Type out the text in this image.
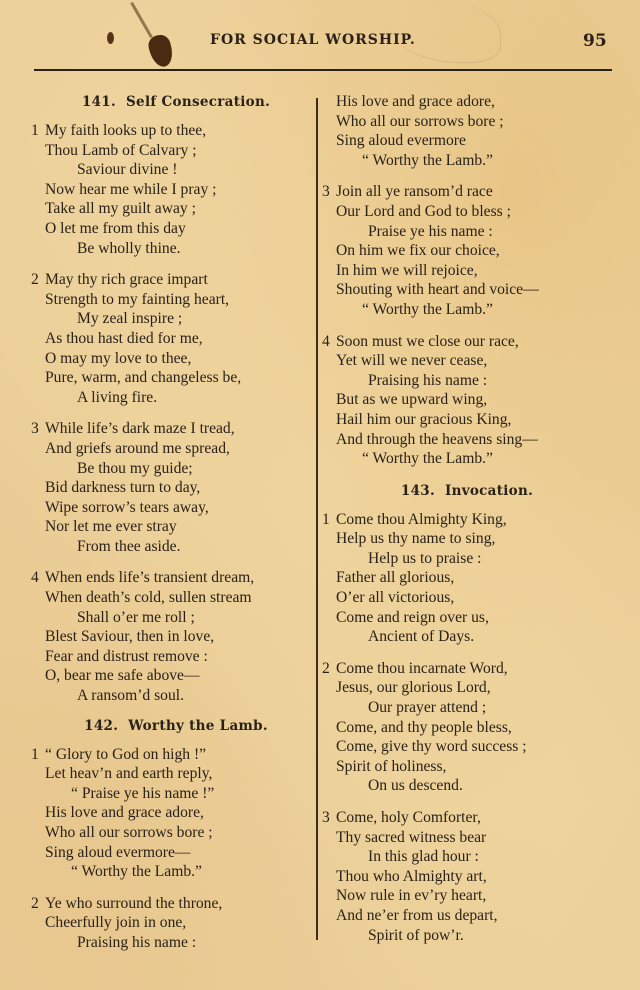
FOR SOCIAL WORSHIP.	95
141. Self Consecration.
1 My faith looks up to thee,
Thou Lamb of Calvary ;
Saviour divine !
Now hear me while I pray ;
Take all my guilt away ;
O let me from this day
Be wholly thine.
2 May thy rich grace impart
Strength to my fainting heart,
My zeal inspire ;
As thou hast died for me,
O may my love to thee,
Pure, warm, and changeless be,
A living fire.
3 While life’s dark maze I tread,
And griefs around me spread,
Be thou my guide;
Bid darkness turn to day,
Wipe sorrow’s tears away,
Nor let me ever stray
From thee aside.
4 When ends life’s transient dream,
When death’s cold, sullen stream
Shall o’er me roll ;
Blest Saviour, then in love,
Fear and distrust remove :
O, bear me safe above—
A ransom’d soul.
142. Worthy the Lamb.
1 “ Glory to God on high !”
Let heav’n and earth reply,
“ Praise ye his name !”
His love and grace adore,
Who all our sorrows bore ;
Sing aloud evermore—
“ Worthy the Lamb.”
2 Ye who surround the throne,
Cheerfully join in one,
Praising his name :
His love and grace adore,
Who all our sorrows bore ;
Sing aloud evermore
“ Worthy the Lamb.”
3 Join all ye ransom’d race
Our Lord and God to bless ;
Praise ye his name :
On him we fix our choice,
In him we will rejoice,
Shouting with heart and voice—
“ Worthy the Lamb.”
4 Soon must we close our race,
Yet will we never cease,
Praising his name :
But as we upward wing,
Hail him our gracious King,
And through the heavens sing—
“ Worthy the Lamb.”
143. Invocation.
1 Come thou Almighty King,
Help us thy name to sing,
Help us to praise :
Father all glorious,
O’er all victorious,
Come and reign over us,
Ancient of Days.
2 Come thou incarnate Word,
Jesus, our glorious Lord,
Our prayer attend ;
Come, and thy people bless,
Come, give thy word success ;
Spirit of holiness,
On us descend.
3 Come, holy Comforter,
Thy sacred witness bear
In this glad hour :
Thou who Almighty art,
Now rule in ev’ry heart,
And ne’er from us depart,
Spirit of pow’r.
